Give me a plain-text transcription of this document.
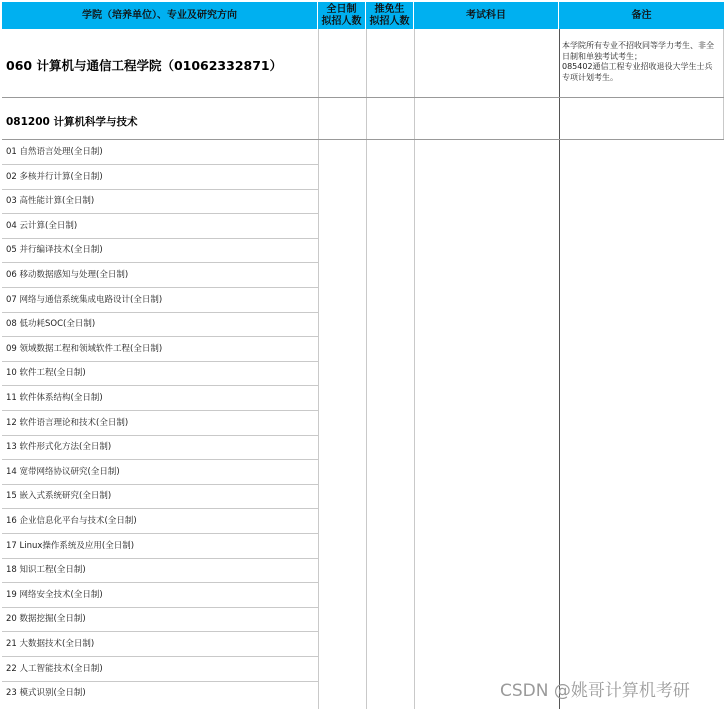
学院（培养单位）、专业及研究方向
全日制
拟招人数
推免生
拟招人数
考试科目	备注
060 计算机与通信工程学院（01062332871）
本学院所有专业不招收同等学力考生、非全日制和单独考试考生；
085402通信工程专业招收退役大学生士兵专项计划考生。
081200 计算机科学与技术
01 自然语言处理(全日制)
02 多核并行计算(全日制)
03 高性能计算(全日制)
04 云计算(全日制)
05 并行编译技术(全日制)
06 移动数据感知与处理(全日制)
07 网络与通信系统集成电路设计(全日制)
08 低功耗SOC(全日制)
09 领域数据工程和领域软件工程(全日制)
10 软件工程(全日制)
11 软件体系结构(全日制)
12 软件语言理论和技术(全日制)
13 软件形式化方法(全日制)
14 宽带网络协议研究(全日制)
15 嵌入式系统研究(全日制)
16 企业信息化平台与技术(全日制)
17 Linux操作系统及应用(全日制)
18 知识工程(全日制)
19 网络安全技术(全日制)
20 数据挖掘(全日制)
21 大数据技术(全日制)
22 人工智能技术(全日制)
23 模式识别(全日制)	CSDN @姚哥计算机考研
